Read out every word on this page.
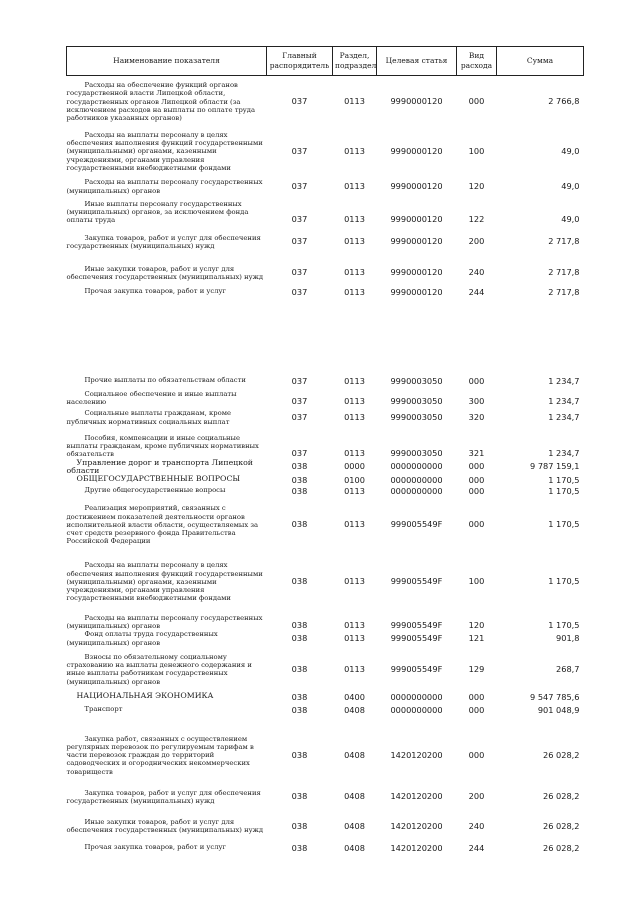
Наименование показателя	Главный распорядитель	Раздел, подраздел	Целевая статья	Вид расхода	Сумма
Расходы на обеспечение функций органов государственной власти Липецкой области, государственных органов Липецкой области (за исключением расходов на выплаты по оплате труда работников указанных органов)	037	0113	9990000120	000	2 766,8
Расходы на выплаты персоналу в целях обеспечения выполнения функций государственными (муниципальными) органами, казенными учреждениями, органами управления государственными внебюджетными фондами	037	0113	9990000120	100	49,0
Расходы на выплаты персоналу государственных (муниципальных) органов	037	0113	9990000120	120	49,0
Иные выплаты персоналу государственных (муниципальных) органов, за исключением фонда оплаты труда	037	0113	9990000120	122	49,0
Закупка товаров, работ и услуг для обеспечения государственных (муниципальных) нужд	037	0113	9990000120	200	2 717,8
Иные закупки товаров, работ и услуг для обеспечения государственных (муниципальных) нужд	037	0113	9990000120	240	2 717,8
Прочая закупка товаров, работ и услуг	037	0113	9990000120	244	2 717,8

Прочие выплаты по обязательствам области	037	0113	9990003050	000	1 234,7
Социальное обеспечение и иные выплаты населению	037	0113	9990003050	300	1 234,7
Социальные выплаты гражданам, кроме публичных нормативных социальных выплат	037	0113	9990003050	320	1 234,7
Пособия, компенсации и иные социальные выплаты гражданам, кроме публичных нормативных обязательств	037	0113	9990003050	321	1 234,7
Управление дорог и транспорта Липецкой области	038	0000	0000000000	000	9 787 159,1
ОБЩЕГОСУДАРСТВЕННЫЕ ВОПРОСЫ	038	0100	0000000000	000	1 170,5
Другие общегосударственные вопросы	038	0113	0000000000	000	1 170,5
Реализация мероприятий, связанных с достижением показателей деятельности органов исполнительной власти области, осуществляемых за счет средств резервного фонда Правительства Российской Федерации	038	0113	999005549F	000	1 170,5
Расходы на выплаты персоналу в целях обеспечения выполнения функций государственными (муниципальными) органами, казенными учреждениями, органами управления государственными внебюджетными фондами	038	0113	999005549F	100	1 170,5
Расходы на выплаты персоналу государственных (муниципальных) органов	038	0113	999005549F	120	1 170,5
Фонд оплаты труда государственных (муниципальных) органов	038	0113	999005549F	121	901,8
Взносы по обязательному социальному страхованию на выплаты денежного содержания и иные выплаты работникам государственных (муниципальных) органов	038	0113	999005549F	129	268,7
НАЦИОНАЛЬНАЯ ЭКОНОМИКА	038	0400	0000000000	000	9 547 785,6
Транспорт	038	0408	0000000000	000	901 048,9
Закупка работ, связанных с осуществлением регулярных перевозок по регулируемым тарифам в части перевозок граждан до территорий садоводческих и огороднических некоммерческих товариществ	038	0408	1420120200	000	26 028,2
Закупка товаров, работ и услуг для обеспечения государственных (муниципальных) нужд	038	0408	1420120200	200	26 028,2
Иные закупки товаров, работ и услуг для обеспечения государственных (муниципальных) нужд	038	0408	1420120200	240	26 028,2
Прочая закупка товаров, работ и услуг	038	0408	1420120200	244	26 028,2
